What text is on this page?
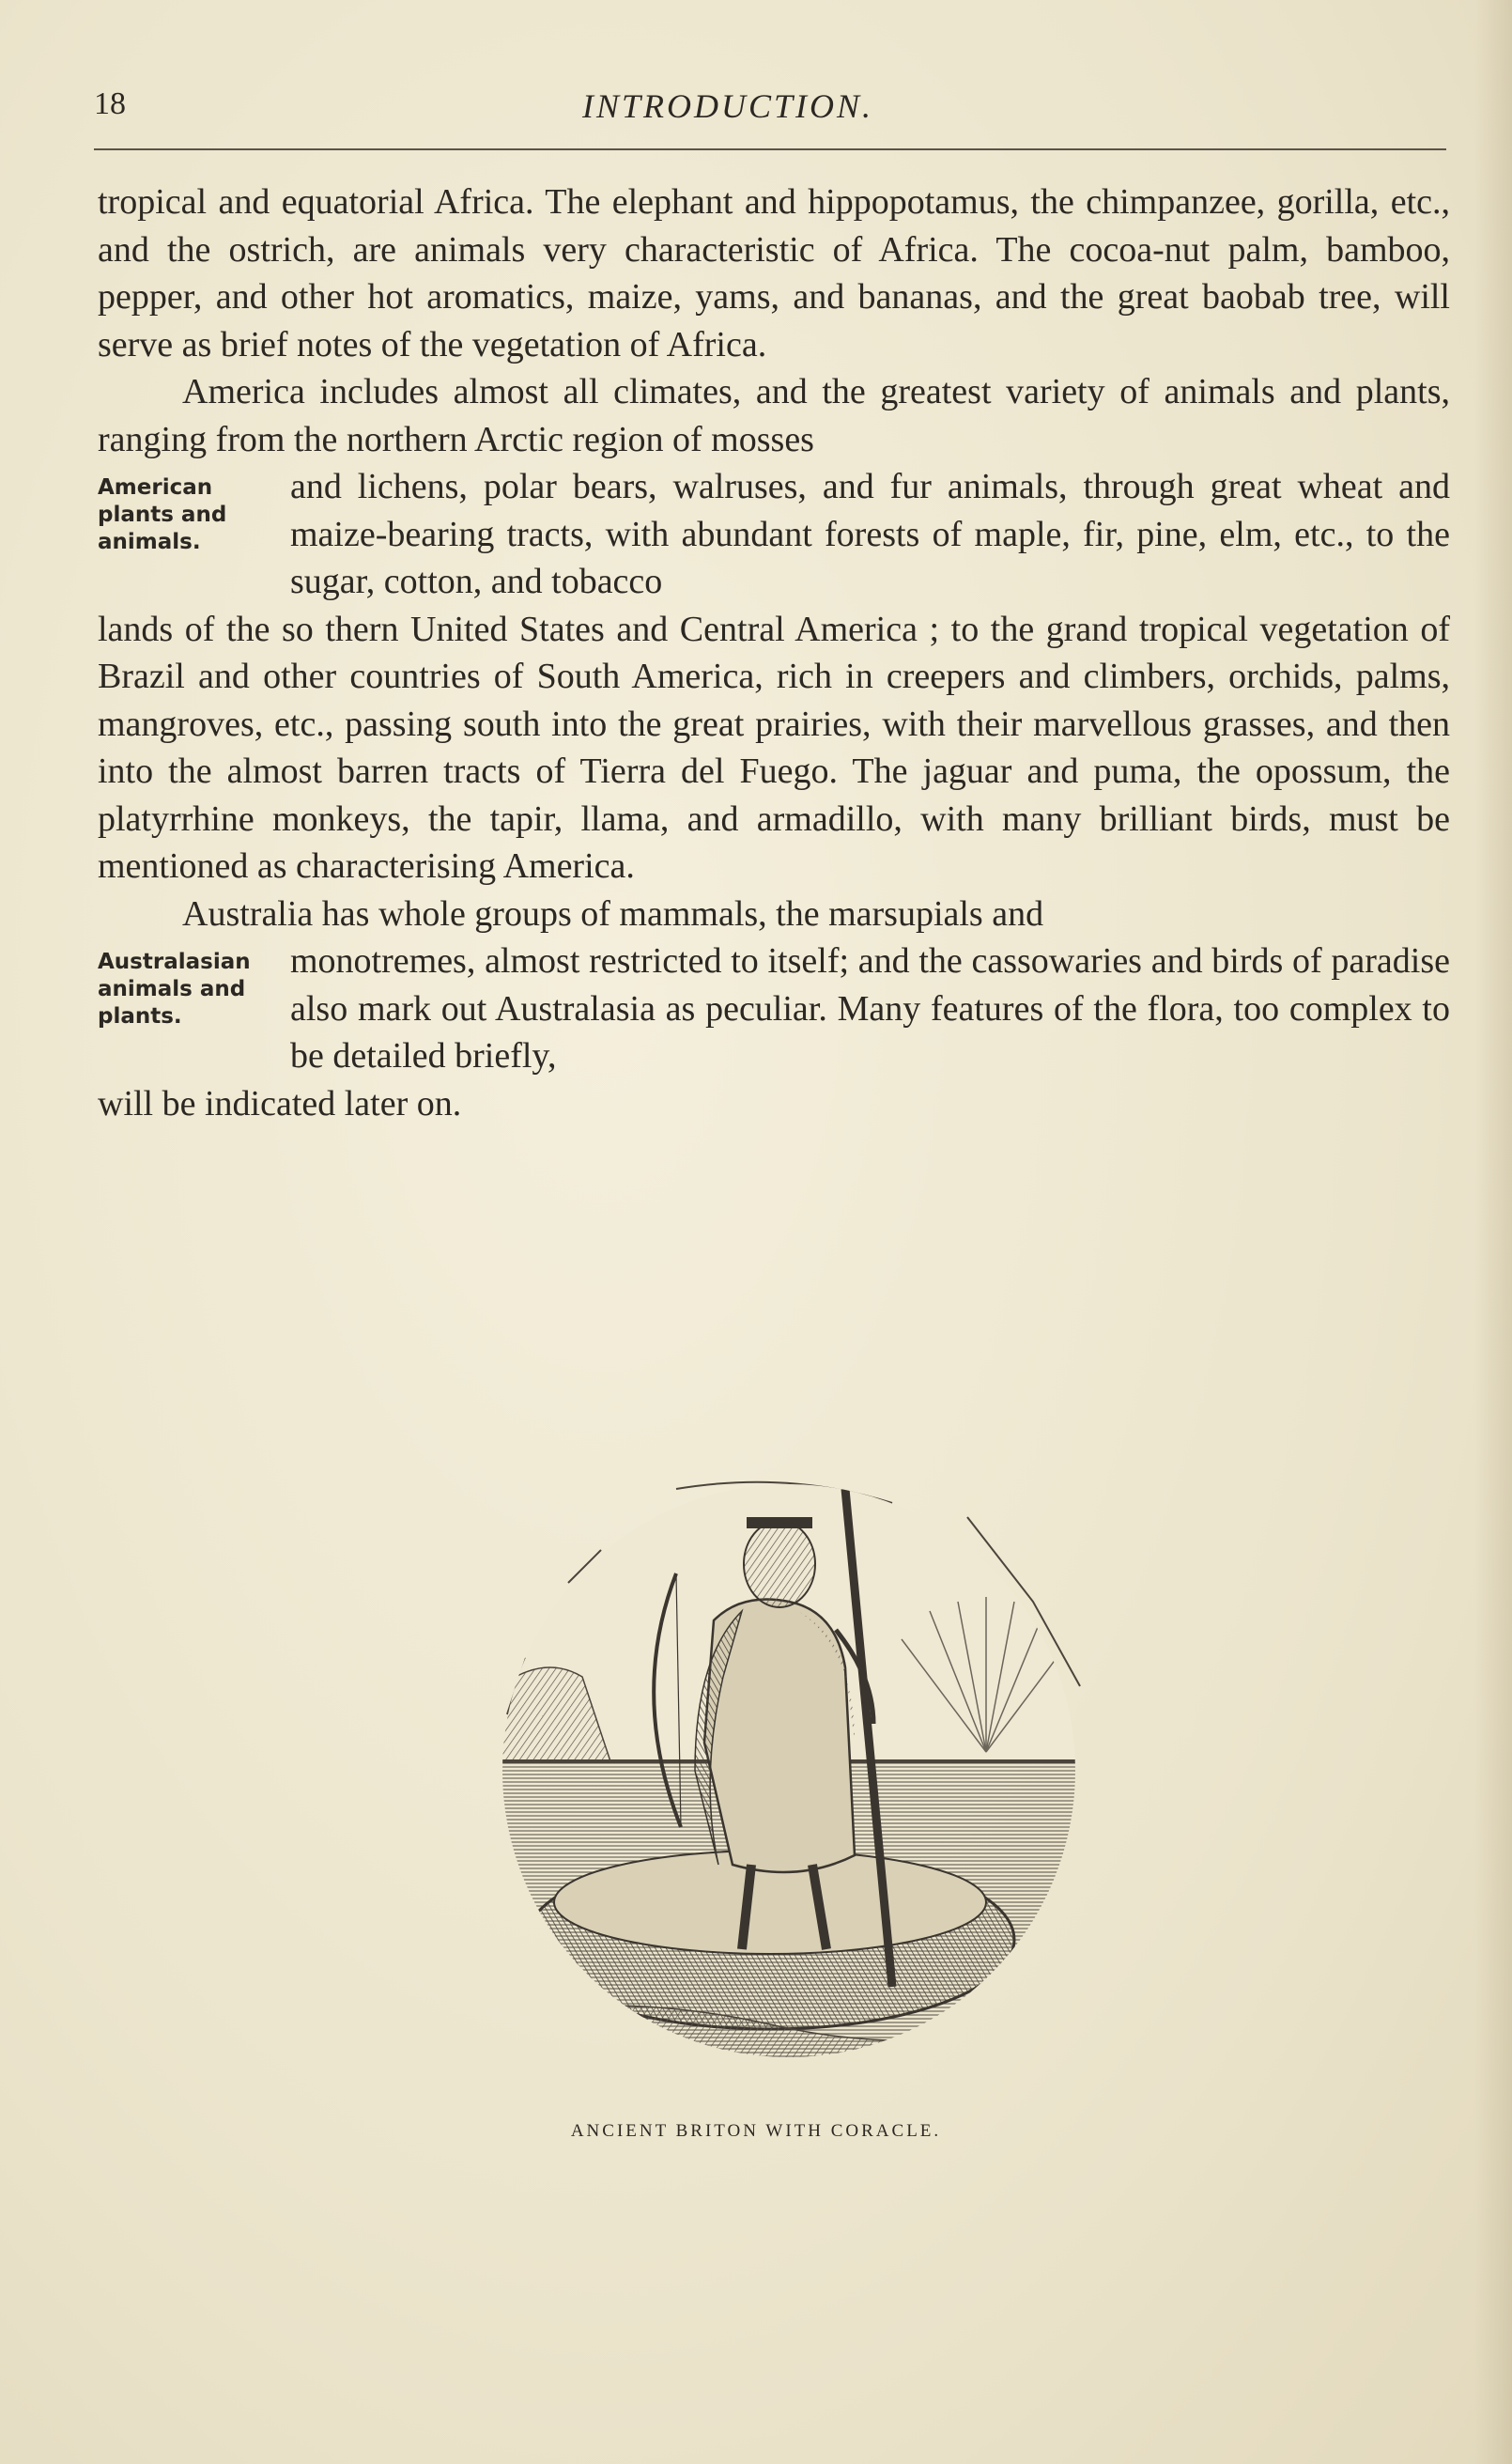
18	INTRODUCTION.

tropical and equatorial Africa. The elephant and hippopotamus, the chimpanzee, gorilla, etc., and the ostrich, are animals very characteristic of Africa. The cocoa-nut palm, bamboo, pepper, and other hot aromatics, maize, yams, and bananas, and the great baobab tree, will serve as brief notes of the vegetation of Africa.

America includes almost all climates, and the greatest variety of animals and plants, ranging from the northern Arctic region of mosses

American
plants and
animals.

and lichens, polar bears, walruses, and fur animals, through great wheat and maize-bearing tracts, with abundant forests of maple, fir, pine, elm, etc., to the sugar, cotton, and tobacco

lands of the so thern United States and Central America ; to the grand tropical vegetation of Brazil and other countries of South America, rich in creepers and climbers, orchids, palms, mangroves, etc., passing south into the great prairies, with their marvellous grasses, and then into the almost barren tracts of Tierra del Fuego. The jaguar and puma, the opossum, the platyrrhine monkeys, the tapir, llama, and armadillo, with many brilliant birds, must be mentioned as characterising America.

Australia has whole groups of mammals, the marsupials and

Australasian
animals and
plants.

monotremes, almost restricted to itself; and the cassowaries and birds of paradise also mark out Australasia as peculiar. Many features of the flora, too complex to be detailed briefly,

will be indicated later on.

ANCIENT BRITON WITH CORACLE.
